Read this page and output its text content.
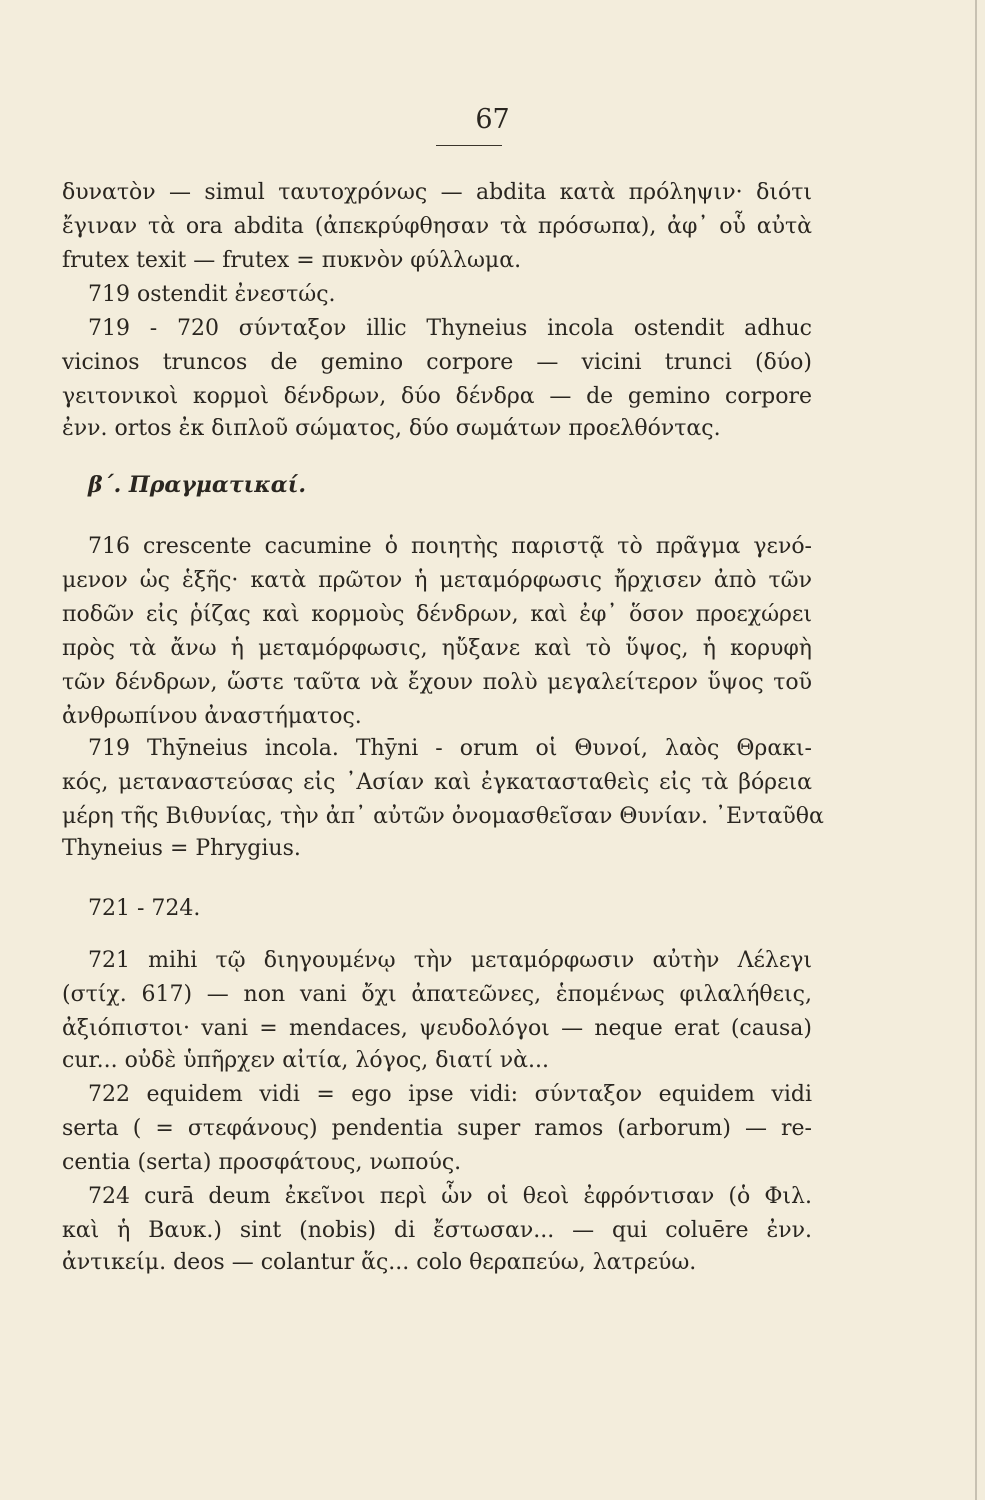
67
δυνατὸν — simul ταυτοχρόνως — abdita κατὰ πρόληψιν· διότι
ἔγιναν τὰ ora abdita (ἀπεκρύφθησαν τὰ πρόσωπα), ἀφ᾽ οὗ αὐτὰ
frutex texit — frutex = πυκνὸν φύλλωμα.
719 ostendit ἐνεστώς.
719 - 720 σύνταξον illic Thyneius incola ostendit adhuc
vicinos truncos de gemino corpore — vicini trunci (δύο)
γειτονικοὶ κορμοὶ δένδρων, δύο δένδρα — de gemino corpore
ἐνν. ortos ἐκ διπλοῦ σώματος, δύο σωμάτων προελθόντας.
β΄. Πραγματικαί.
716 crescente cacumine ὁ ποιητὴς παριστᾷ τὸ πρᾶγμα γενό-
μενον ὡς ἑξῆς· κατὰ πρῶτον ἡ μεταμόρφωσις ἤρχισεν ἀπὸ τῶν
ποδῶν εἰς ῥίζας καὶ κορμοὺς δένδρων, καὶ ἐφ᾽ ὅσον προεχώρει
πρὸς τὰ ἄνω ἡ μεταμόρφωσις, ηὔξανε καὶ τὸ ὕψος, ἡ κορυφὴ
τῶν δένδρων, ὥστε ταῦτα νὰ ἔχουν πολὺ μεγαλείτερον ὕψος τοῦ
ἀνθρωπίνου ἀναστήματος.
719 Thȳneius incola. Thȳni - orum οἱ Θυνοί, λαὸς Θρακι-
κός, μεταναστεύσας εἰς ᾽Ασίαν καὶ ἐγκατασταθεὶς εἰς τὰ βόρεια
μέρη τῆς Βιθυνίας, τὴν ἀπ᾽ αὐτῶν ὀνομασθεῖσαν Θυνίαν. ᾽Ενταῦθα
Thyneius = Phrygius.
721 - 724.
721 mihi τῷ διηγουμένῳ τὴν μεταμόρφωσιν αὐτὴν Λέλεγι
(στίχ. 617) — non vani ὄχι ἀπατεῶνες, ἑπομένως φιλαλήθεις,
ἀξιόπιστοι· vani = mendaces, ψευδολόγοι — neque erat (causa)
cur... οὐδὲ ὑπῆρχεν αἰτία, λόγος, διατί νὰ...
722 equidem vidi = ego ipse vidi: σύνταξον equidem vidi
serta ( = στεφάνους) pendentia super ramos (arborum) — re-
centia (serta) προσφάτους, νωπούς.
724 curā deum ἐκεῖνοι περὶ ὧν οἱ θεοὶ ἐφρόντισαν (ὁ Φιλ.
καὶ ἡ Βαυκ.) sint (nobis) di ἔστωσαν... — qui coluēre ἐνν.
ἀντικείμ. deos — colantur ἅς... colo θεραπεύω, λατρεύω.
